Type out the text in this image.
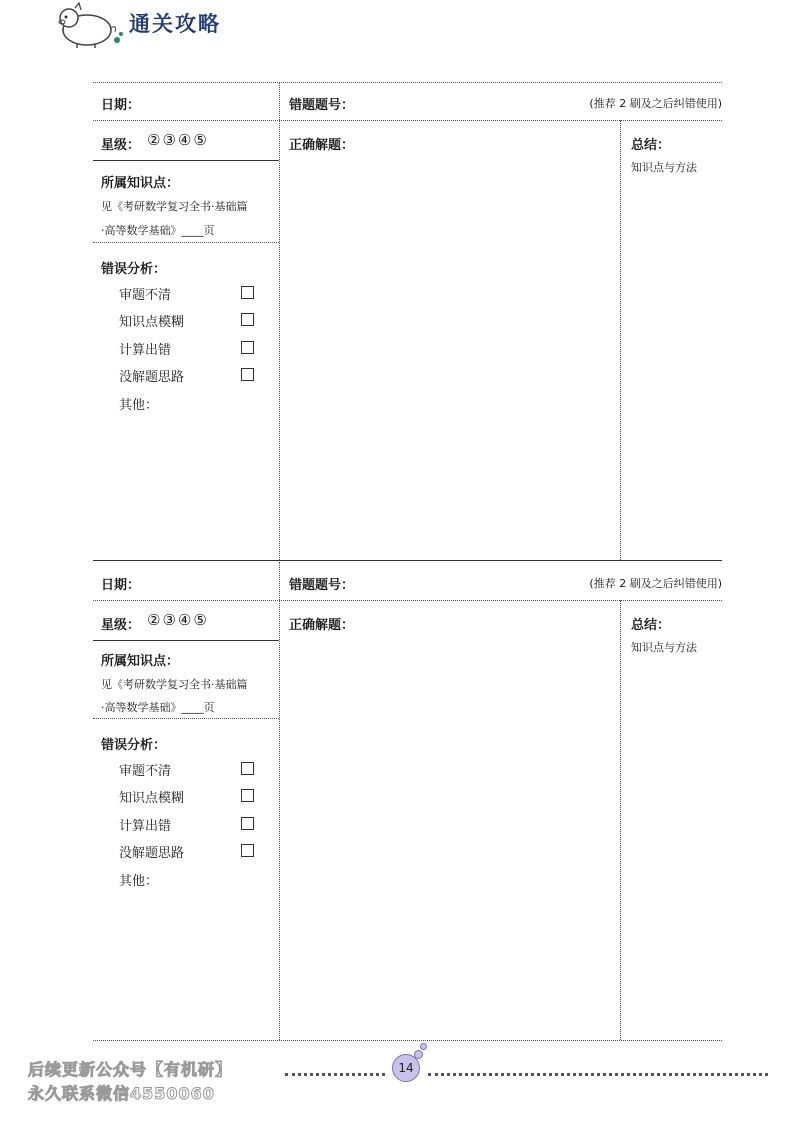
通关攻略
日期：	错题题号：	(推荐 2 刷及之后纠错使用)
星级： ②③④⑤	正确解题：	总结：
知识点与方法
所属知识点：
见《考研数学复习全书·基础篇
·高等数学基础》____页
错误分析：
审题不清
知识点模糊
计算出错
没解题思路
其他：
日期：	错题题号：	(推荐 2 刷及之后纠错使用)
星级： ②③④⑤	正确解题：	总结：
知识点与方法
所属知识点：
见《考研数学复习全书·基础篇
·高等数学基础》____页
错误分析：
审题不清
知识点模糊
计算出错
没解题思路
其他：
后续更新公众号【有机研】
永久联系微信4550060
14
